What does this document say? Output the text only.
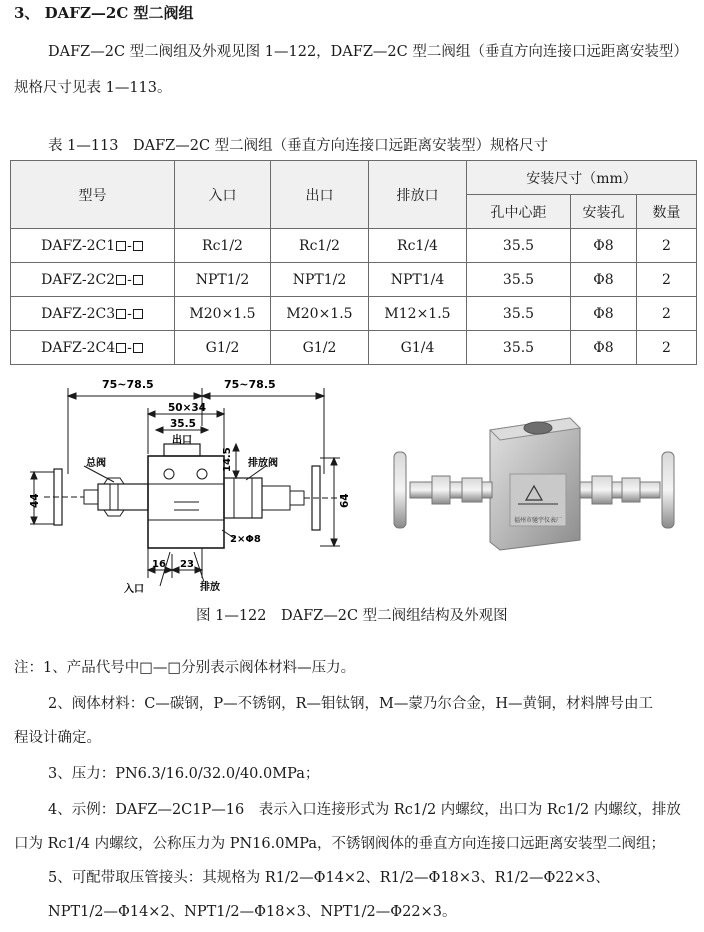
3、 DAFZ—2C 型二阀组
DAFZ—2C 型二阀组及外观见图 1—122，DAFZ—2C 型二阀组（垂直方向连接口远距离安装型）
规格尺寸见表 1—113。
表 1—113　DAFZ—2C 型二阀组（垂直方向连接口远距离安装型）规格尺寸
型号	入口	出口	排放口	安装尺寸（mm）		
				孔中心距	安装孔	数量
DAFZ-2C1 -	Rc1/2	Rc1/2	Rc1/4	35.5	Φ8	2
DAFZ-2C2 -	NPT1/2	NPT1/2	NPT1/4	35.5	Φ8	2
DAFZ-2C3 -	M20×1.5	M20×1.5	M12×1.5	35.5	Φ8	2
DAFZ-2C4 -	G1/2	G1/2	G1/4	35.5	Φ8	2
75~78.5	75~78.5
50×34
35.5
出口
总阀	排放阀
14.5
44	64
2×Φ8
16 23
入口	排放
福州市驰宇仪表厂
图 1—122　DAFZ—2C 型二阀组结构及外观图
注：1、产品代号中□—□分别表示阀体材料—压力。
2、阀体材料：C—碳钢，P—不锈钢，R—钼钛钢，M—蒙乃尔合金，H—黄铜，材料牌号由工
程设计确定。
3、压力：PN6.3/16.0/32.0/40.0MPa；
4、示例：DAFZ—2C1P—16　表示入口连接形式为 Rc1/2 内螺纹，出口为 Rc1/2 内螺纹，排放
口为 Rc1/4 内螺纹，公称压力为 PN16.0MPa，不锈钢阀体的垂直方向连接口远距离安装型二阀组；
5、可配带取压管接头：其规格为 R1/2—Φ14×2、R1/2—Φ18×3、R1/2—Φ22×3、
NPT1/2—Φ14×2、NPT1/2—Φ18×3、NPT1/2—Φ22×3。
